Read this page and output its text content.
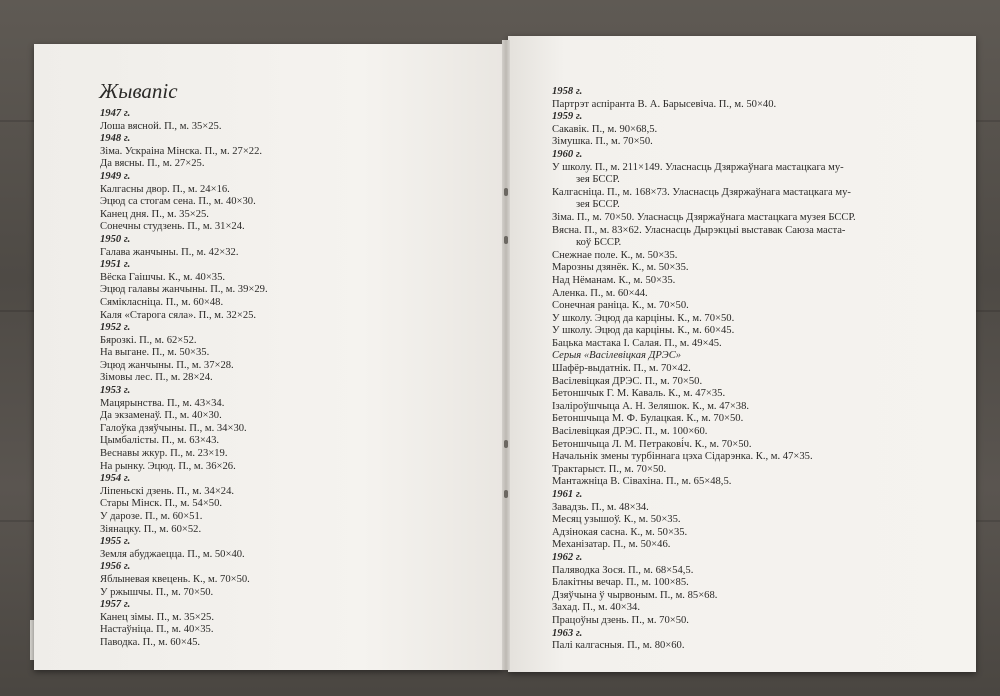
Жывапіс
1947 г.
Лоша вясной. П., м. 35×25.
1948 г.
Зіма. Ускраіна Мінска. П., м. 27×22.
Да вясны. П., м. 27×25.
1949 г.
Калгасны двор. П., м. 24×16.
Эцюд са стогам сена. П., м. 40×30.
Канец дня. П., м. 35×25.
Сонечны студзень. П., м. 31×24.
1950 г.
Галава жанчыны. П., м. 42×32.
1951 г.
Вёска Гаішчы. К., м. 40×35.
Эцюд галавы жанчыны. П., м. 39×29.
Сямікласніца. П., м. 60×48.
Каля «Старога сяла». П., м. 32×25.
1952 г.
Бярозкі. П., м. 62×52.
На выгане. П., м. 50×35.
Эцюд жанчыны. П., м. 37×28.
Зімовы лес. П., м. 28×24.
1953 г.
Мацярынства. П., м. 43×34.
Да экзаменаў. П., м. 40×30.
Галоўка дзяўчыны. П., м. 34×30.
Цымбалісты. П., м. 63×43.
Веснавы жкур. П., м. 23×19.
На рынку. Эцюд. П., м. 36×26.
1954 г.
Ліпеньскі дзень. П., м. 34×24.
Стары Мінск. П., м. 54×50.
У дарозе. П., м. 60×51.
Зіянацку. П., м. 60×52.
1955 г.
Земля абуджаецца. П., м. 50×40.
1956 г.
Яблыневая квецень. К., м. 70×50.
У ржышчы. П., м. 70×50.
1957 г.
Канец зімы. П., м. 35×25.
Настаўніца. П., м. 40×35.
Паводка. П., м. 60×45.
1958 г.
Партрэт аспіранта В. А. Барысевіча. П., м. 50×40.
1959 г.
Сакавік. П., м. 90×68,5.
Зімушка. П., м. 70×50.
1960 г.
У школу. П., м. 211×149. Уласнасць Дзяржаўнага мастацкага му-
зея БССР.
Калгасніца. П., м. 168×73. Уласнасць Дзяржаўнага мастацкага му-
зея БССР.
Зіма. П., м. 70×50. Уласнасць Дзяржаўнага мастацкага музея БССР.
Вясна. П., м. 83×62. Уласнасць Дырэкцыі выставак Саюза маста-
коў БССР.
Снежнае поле. К., м. 50×35.
Марозны дзянёк. К., м. 50×35.
Над Нёманам. К., м. 50×35.
Аленка. П., м. 60×44.
Сонечная раніца. К., м. 70×50.
У школу. Эцюд да карціны. К., м. 70×50.
У школу. Эцюд да карціны. К., м. 60×45.
Бацька мастака І. Салая. П., м. 49×45.
Серыя «Васілевіцкая ДРЭС»
Шафёр-выдатнік. П., м. 70×42.
Васілевіцкая ДРЭС. П., м. 70×50.
Бетоншчык Г. М. Каваль. К., м. 47×35.
Ізаліроўшчыца А. Н. Зеляшок. К., м. 47×38.
Бетоншчыца М. Ф. Булацкая. К., м. 70×50.
Васілевіцкая ДРЭС. П., м. 100×60.
Бетоншчыца Л. М. Петракові́ч. К., м. 70×50.
Начальнік змены турбіннага цэха Сідарэнка. К., м. 47×35.
Трактарыст. П., м. 70×50.
Мантажніца В. Сівахіна. П., м. 65×48,5.
1961 г.
Завадзь. П., м. 48×34.
Месяц узышоў. К., м. 50×35.
Адзінокая сасна. К., м. 50×35.
Механізатар. П., м. 50×46.
1962 г.
Паляводка Зося. П., м. 68×54,5.
Блакітны вечар. П., м. 100×85.
Дзяўчына ў чырвоным. П., м. 85×68.
Захад. П., м. 40×34.
Працоўны дзень. П., м. 70×50.
1963 г.
Палі калгасныя. П., м. 80×60.
